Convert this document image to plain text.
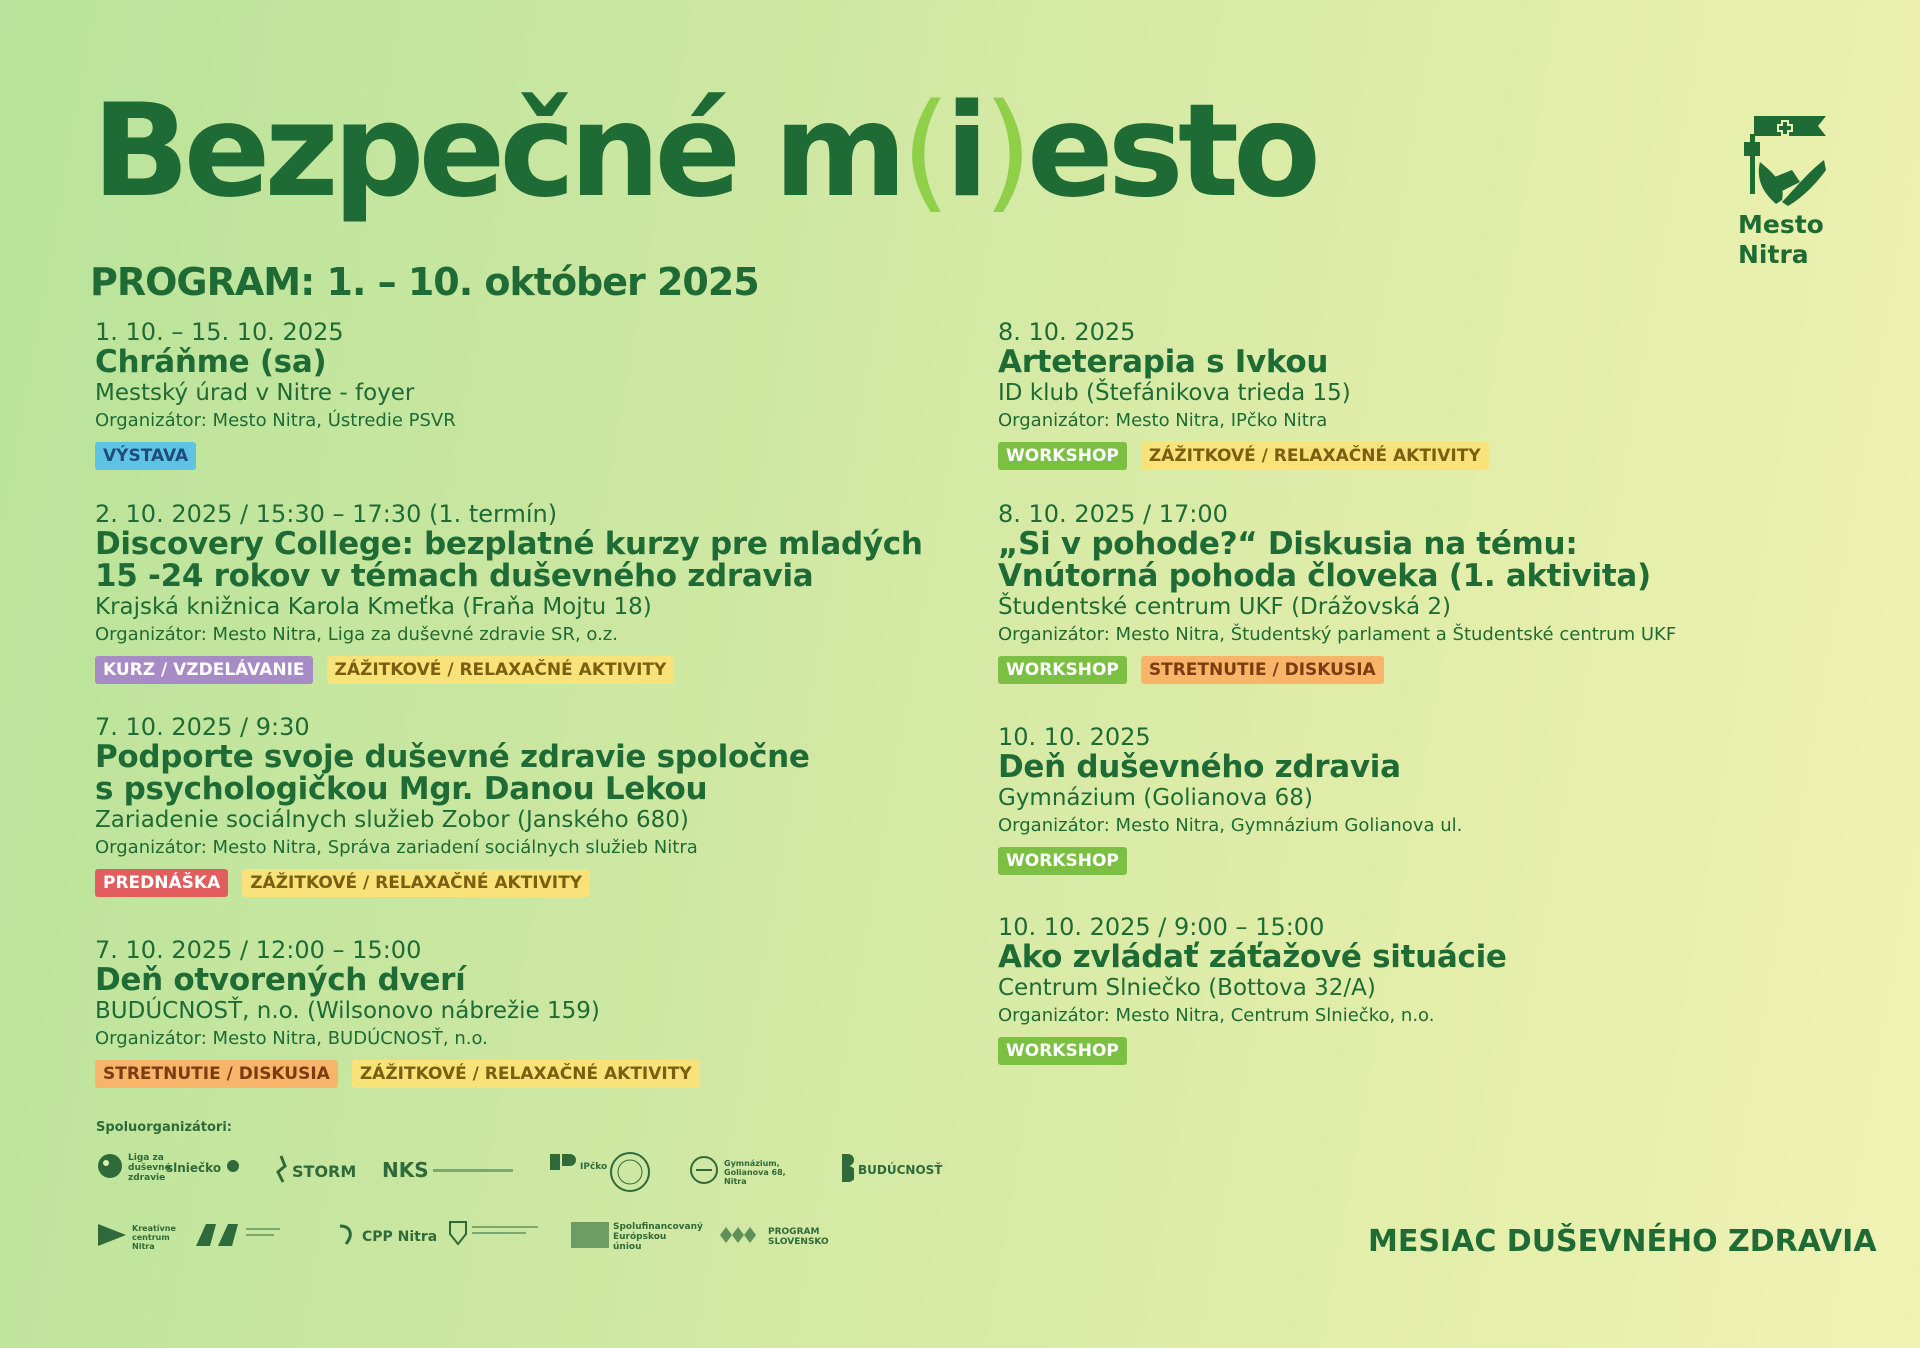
Bezpečné m(i)esto
PROGRAM: 1. – 10. október 2025
Mesto
Nitra
1. 10. – 15. 10. 2025
Chráňme (sa)
Mestský úrad v Nitre - foyer
Organizátor: Mesto Nitra, Ústredie PSVR
VÝSTAVA
2. 10. 2025 / 15:30 – 17:30 (1. termín)
Discovery College: bezplatné kurzy pre mladých
15 -24 rokov v témach duševného zdravia
Krajská knižnica Karola Kmeťka (Fraňa Mojtu 18)
Organizátor: Mesto Nitra, Liga za duševné zdravie SR, o.z.
KURZ / VZDELÁVANIE	ZÁŽITKOVÉ / RELAXAČNÉ AKTIVITY
7. 10. 2025 / 9:30
Podporte svoje duševné zdravie spoločne
s psychologičkou Mgr. Danou Lekou
Zariadenie sociálnych služieb Zobor (Janského 680)
Organizátor: Mesto Nitra, Správa zariadení sociálnych služieb Nitra
PREDNÁŠKA	ZÁŽITKOVÉ / RELAXAČNÉ AKTIVITY
7. 10. 2025 / 12:00 – 15:00
Deň otvorených dverí
BUDÚCNOSŤ, n.o. (Wilsonovo nábrežie 159)
Organizátor: Mesto Nitra, BUDÚCNOSŤ, n.o.
STRETNUTIE / DISKUSIA	ZÁŽITKOVÉ / RELAXAČNÉ AKTIVITY
8. 10. 2025
Arteterapia s Ivkou
ID klub (Štefánikova trieda 15)
Organizátor: Mesto Nitra, IPčko Nitra
WORKSHOP	ZÁŽITKOVÉ / RELAXAČNÉ AKTIVITY
8. 10. 2025 / 17:00
„Si v pohode?“ Diskusia na tému:
Vnútorná pohoda človeka (1. aktivita)
Študentské centrum UKF (Drážovská 2)
Organizátor: Mesto Nitra, Študentský parlament a Študentské centrum UKF
WORKSHOP	STRETNUTIE / DISKUSIA
10. 10. 2025
Deň duševného zdravia
Gymnázium (Golianova 68)
Organizátor: Mesto Nitra, Gymnázium Golianova ul.
WORKSHOP
10. 10. 2025 / 9:00 – 15:00
Ako zvládať záťažové situácie
Centrum Slniečko (Bottova 32/A)
Organizátor: Mesto Nitra, Centrum Slniečko, n.o.
WORKSHOP
Spoluorganizátori:
Liga za duševné zdravie
slniečko	STORM NKS	IPčko	Gymnázium, Golianova 68, Nitra
BUDÚCNOSŤ
Kreatívne centrum Nitra
CPP Nitra
Spolufinancovaný Európskou úniou
PROGRAM SLOVENSKO	MESIAC DUŠEVNÉHO ZDRAVIA
